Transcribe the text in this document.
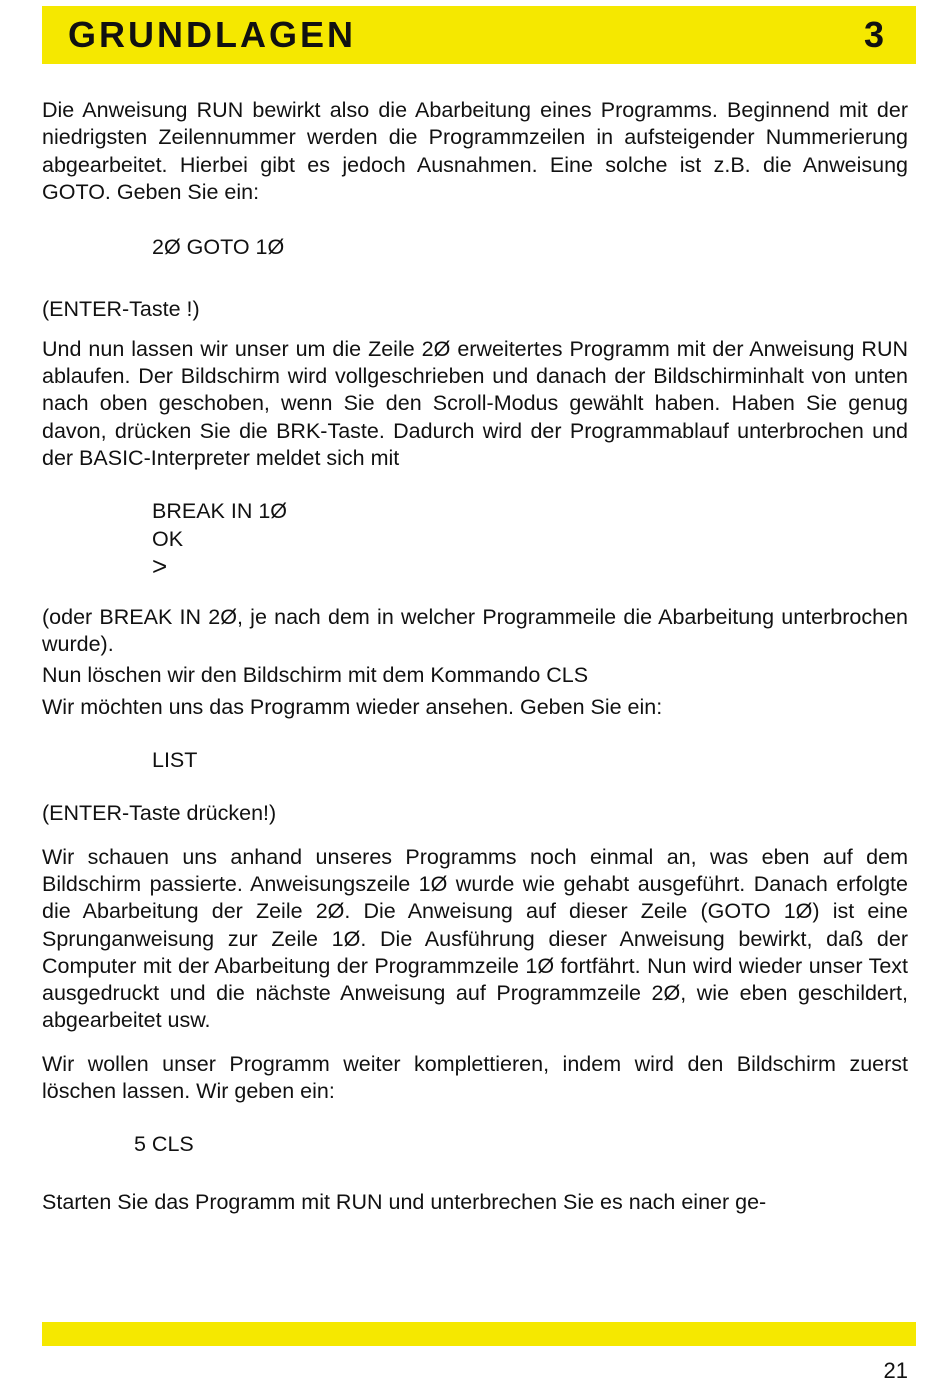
GRUNDLAGEN	3

Die Anweisung RUN bewirkt also die Abarbeitung eines Programms. Beginnend mit der niedrigsten Zeilennummer werden die Programmzeilen in aufsteigender Nummerierung abgearbeitet. Hierbei gibt es jedoch Ausnahmen. Eine solche ist z.B. die Anweisung GOTO. Geben Sie ein:

2Ø GOTO 1Ø

(ENTER-Taste !)

Und nun lassen wir unser um die Zeile 2Ø erweitertes Programm mit der Anweisung RUN ablaufen. Der Bildschirm wird vollgeschrieben und danach der Bildschirminhalt von unten nach oben geschoben, wenn Sie den Scroll-Modus gewählt haben. Haben Sie genug davon, drücken Sie die BRK-Taste. Dadurch wird der Programmablauf unterbrochen und der BASIC-Interpreter meldet sich mit

BREAK IN 1Ø

OK

>

(oder BREAK IN 2Ø, je nach dem in welcher Programmeile die Abarbeitung unterbrochen wurde).

Nun löschen wir den Bildschirm mit dem Kommando CLS

Wir möchten uns das Programm wieder ansehen. Geben Sie ein:

LIST

(ENTER-Taste drücken!)

Wir schauen uns anhand unseres Programms noch einmal an, was eben auf dem Bildschirm passierte. Anweisungszeile 1Ø wurde wie gehabt ausgeführt. Danach erfolgte die Abarbeitung der Zeile 2Ø. Die Anweisung auf dieser Zeile (GOTO 1Ø) ist eine Sprunganweisung zur Zeile 1Ø. Die Ausführung dieser Anweisung bewirkt, daß der Computer mit der Abarbeitung der Programmzeile 1Ø fortfährt. Nun wird wieder unser Text ausgedruckt und die nächste Anweisung auf Programmzeile 2Ø, wie eben geschildert, abgearbeitet usw.

Wir wollen unser Programm weiter komplettieren, indem wird den Bildschirm zuerst löschen lassen. Wir geben ein:

5 CLS

Starten Sie das Programm mit RUN und unterbrechen Sie es nach einer ge-

21
